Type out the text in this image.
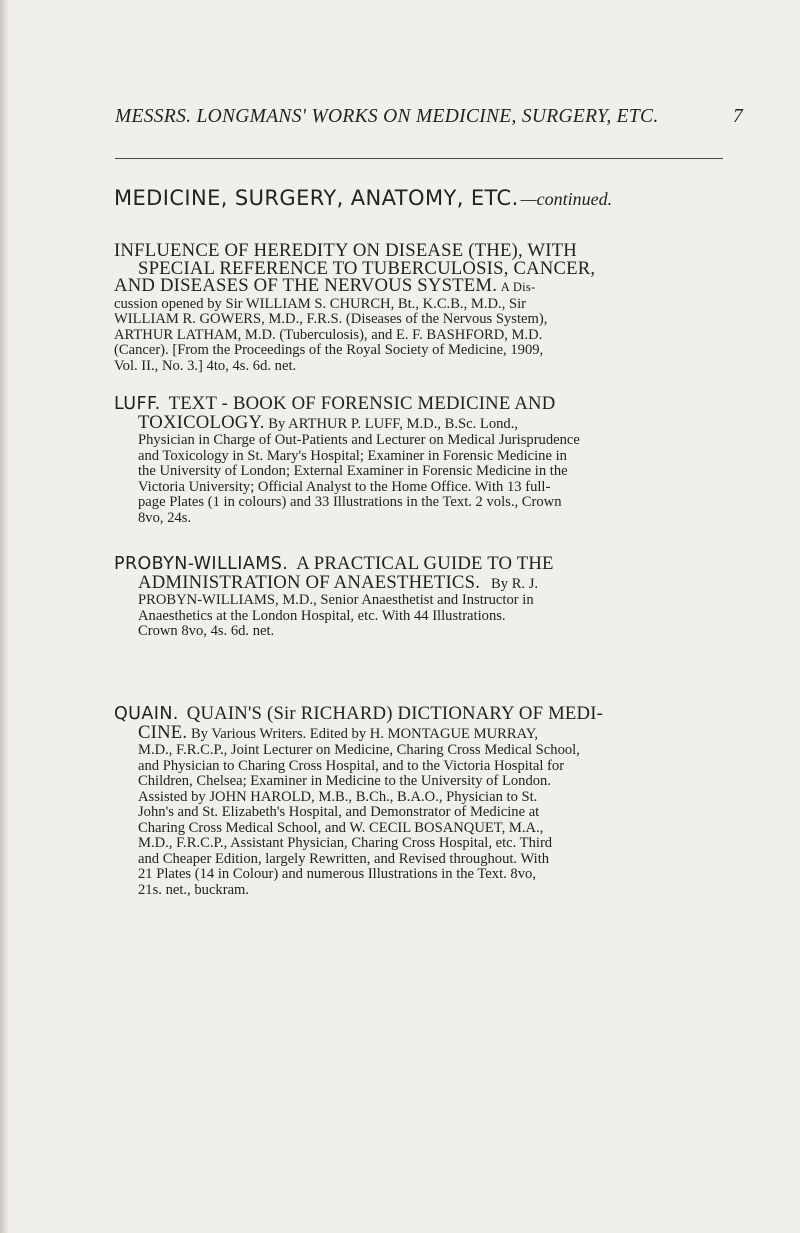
MESSRS. LONGMANS' WORKS ON MEDICINE, SURGERY, ETC.	7
MEDICINE, SURGERY, ANATOMY, ETC. —continued.
INFLUENCE OF HEREDITY ON DISEASE (THE), WITH
SPECIAL REFERENCE TO TUBERCULOSIS, CANCER,
AND DISEASES OF THE NERVOUS SYSTEM. A Dis-
cussion opened by Sir WILLIAM S. CHURCH, Bt., K.C.B., M.D., Sir
WILLIAM R. GOWERS, M.D., F.R.S. (Diseases of the Nervous System),
ARTHUR LATHAM, M.D. (Tuberculosis), and E. F. BASHFORD, M.D.
(Cancer). [From the Proceedings of the Royal Society of Medicine, 1909,
Vol. II., No. 3.] 4to, 4s. 6d. net.
LUFF. TEXT - BOOK OF FORENSIC MEDICINE AND
TOXICOLOGY. By ARTHUR P. LUFF, M.D., B.Sc. Lond.,
Physician in Charge of Out-Patients and Lecturer on Medical Jurisprudence
and Toxicology in St. Mary's Hospital; Examiner in Forensic Medicine in
the University of London; External Examiner in Forensic Medicine in the
Victoria University; Official Analyst to the Home Office. With 13 full-
page Plates (1 in colours) and 33 Illustrations in the Text. 2 vols., Crown
8vo, 24s.
PROBYN-WILLIAMS. A PRACTICAL GUIDE TO THE
ADMINISTRATION OF ANAESTHETICS. By R. J.
PROBYN-WILLIAMS, M.D., Senior Anaesthetist and Instructor in
Anaesthetics at the London Hospital, etc. With 44 Illustrations.
Crown 8vo, 4s. 6d. net.
QUAIN. QUAIN'S (Sir RICHARD) DICTIONARY OF MEDI-
CINE. By Various Writers. Edited by H. MONTAGUE MURRAY,
M.D., F.R.C.P., Joint Lecturer on Medicine, Charing Cross Medical School,
and Physician to Charing Cross Hospital, and to the Victoria Hospital for
Children, Chelsea; Examiner in Medicine to the University of London.
Assisted by JOHN HAROLD, M.B., B.Ch., B.A.O., Physician to St.
John's and St. Elizabeth's Hospital, and Demonstrator of Medicine at
Charing Cross Medical School, and W. CECIL BOSANQUET, M.A.,
M.D., F.R.C.P., Assistant Physician, Charing Cross Hospital, etc. Third
and Cheaper Edition, largely Rewritten, and Revised throughout. With
21 Plates (14 in Colour) and numerous Illustrations in the Text. 8vo,
21s. net., buckram.
